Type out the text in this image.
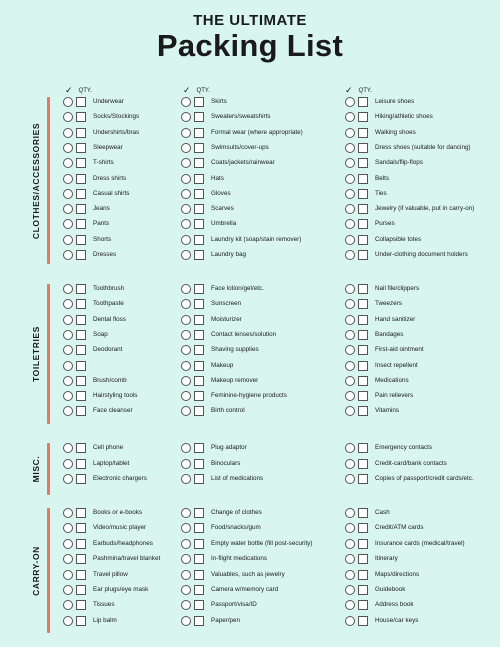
THE ULTIMATE
Packing List
✓ QTY.	✓ QTY.	✓ QTY.
CLOTHES/ACCESSORIES
Underwear
Socks/Stockings
Undershirts/bras
Sleepwear
T-shirts
Dress shirts
Casual shirts
Jeans
Pants
Shorts
Dresses
Skirts
Sweaters/sweatshirts
Formal wear (where appropriate)
Swimsuits/cover-ups
Coats/jackets/rainwear
Hats
Gloves
Scarves
Umbrella
Laundry kit (soap/stain remover)
Laundry bag
Leisure shoes
Hiking/athletic shoes
Walking shoes
Dress shoes (suitable for dancing)
Sandals/flip-flops
Belts
Ties
Jewelry (if valuable, put in carry-on)
Purses
Collapsible totes
Under-clothing document holders
TOILETRIES
Toothbrush
Toothpaste
Dental floss
Soap
Deodorant
Brush/comb
Hairstyling tools
Face cleanser
Face lotion/gel/etc.
Sunscreen
Moisturizer
Contact lenses/solution
Shaving supplies
Makeup
Makeup remover
Feminine-hygiene products
Birth control
Nail file/clippers
Tweezers
Hand sanitizer
Bandages
First-aid ointment
Insect repellent
Medications
Pain relievers
Vitamins
MISC.
Cell phone
Laptop/tablet
Electronic chargers
Plug adaptor
Binoculars
List of medications
Emergency contacts
Credit-card/bank contacts
Copies of passport/credit cards/etc.
CARRY-ON
Books or e-books
Video/music player
Earbuds/headphones
Pashmina/travel blanket
Travel pillow
Ear plugs/eye mask
Tissues
Lip balm
Change of clothes
Food/snacks/gum
Empty water bottle (fill post-security)
In-flight medications
Valuables, such as jewelry
Camera w/memory card
Passport/visa/ID
Paper/pen
Cash
Credit/ATM cards
Insurance cards (medical/travel)
Itinerary
Maps/directions
Guidebook
Address book
House/car keys
